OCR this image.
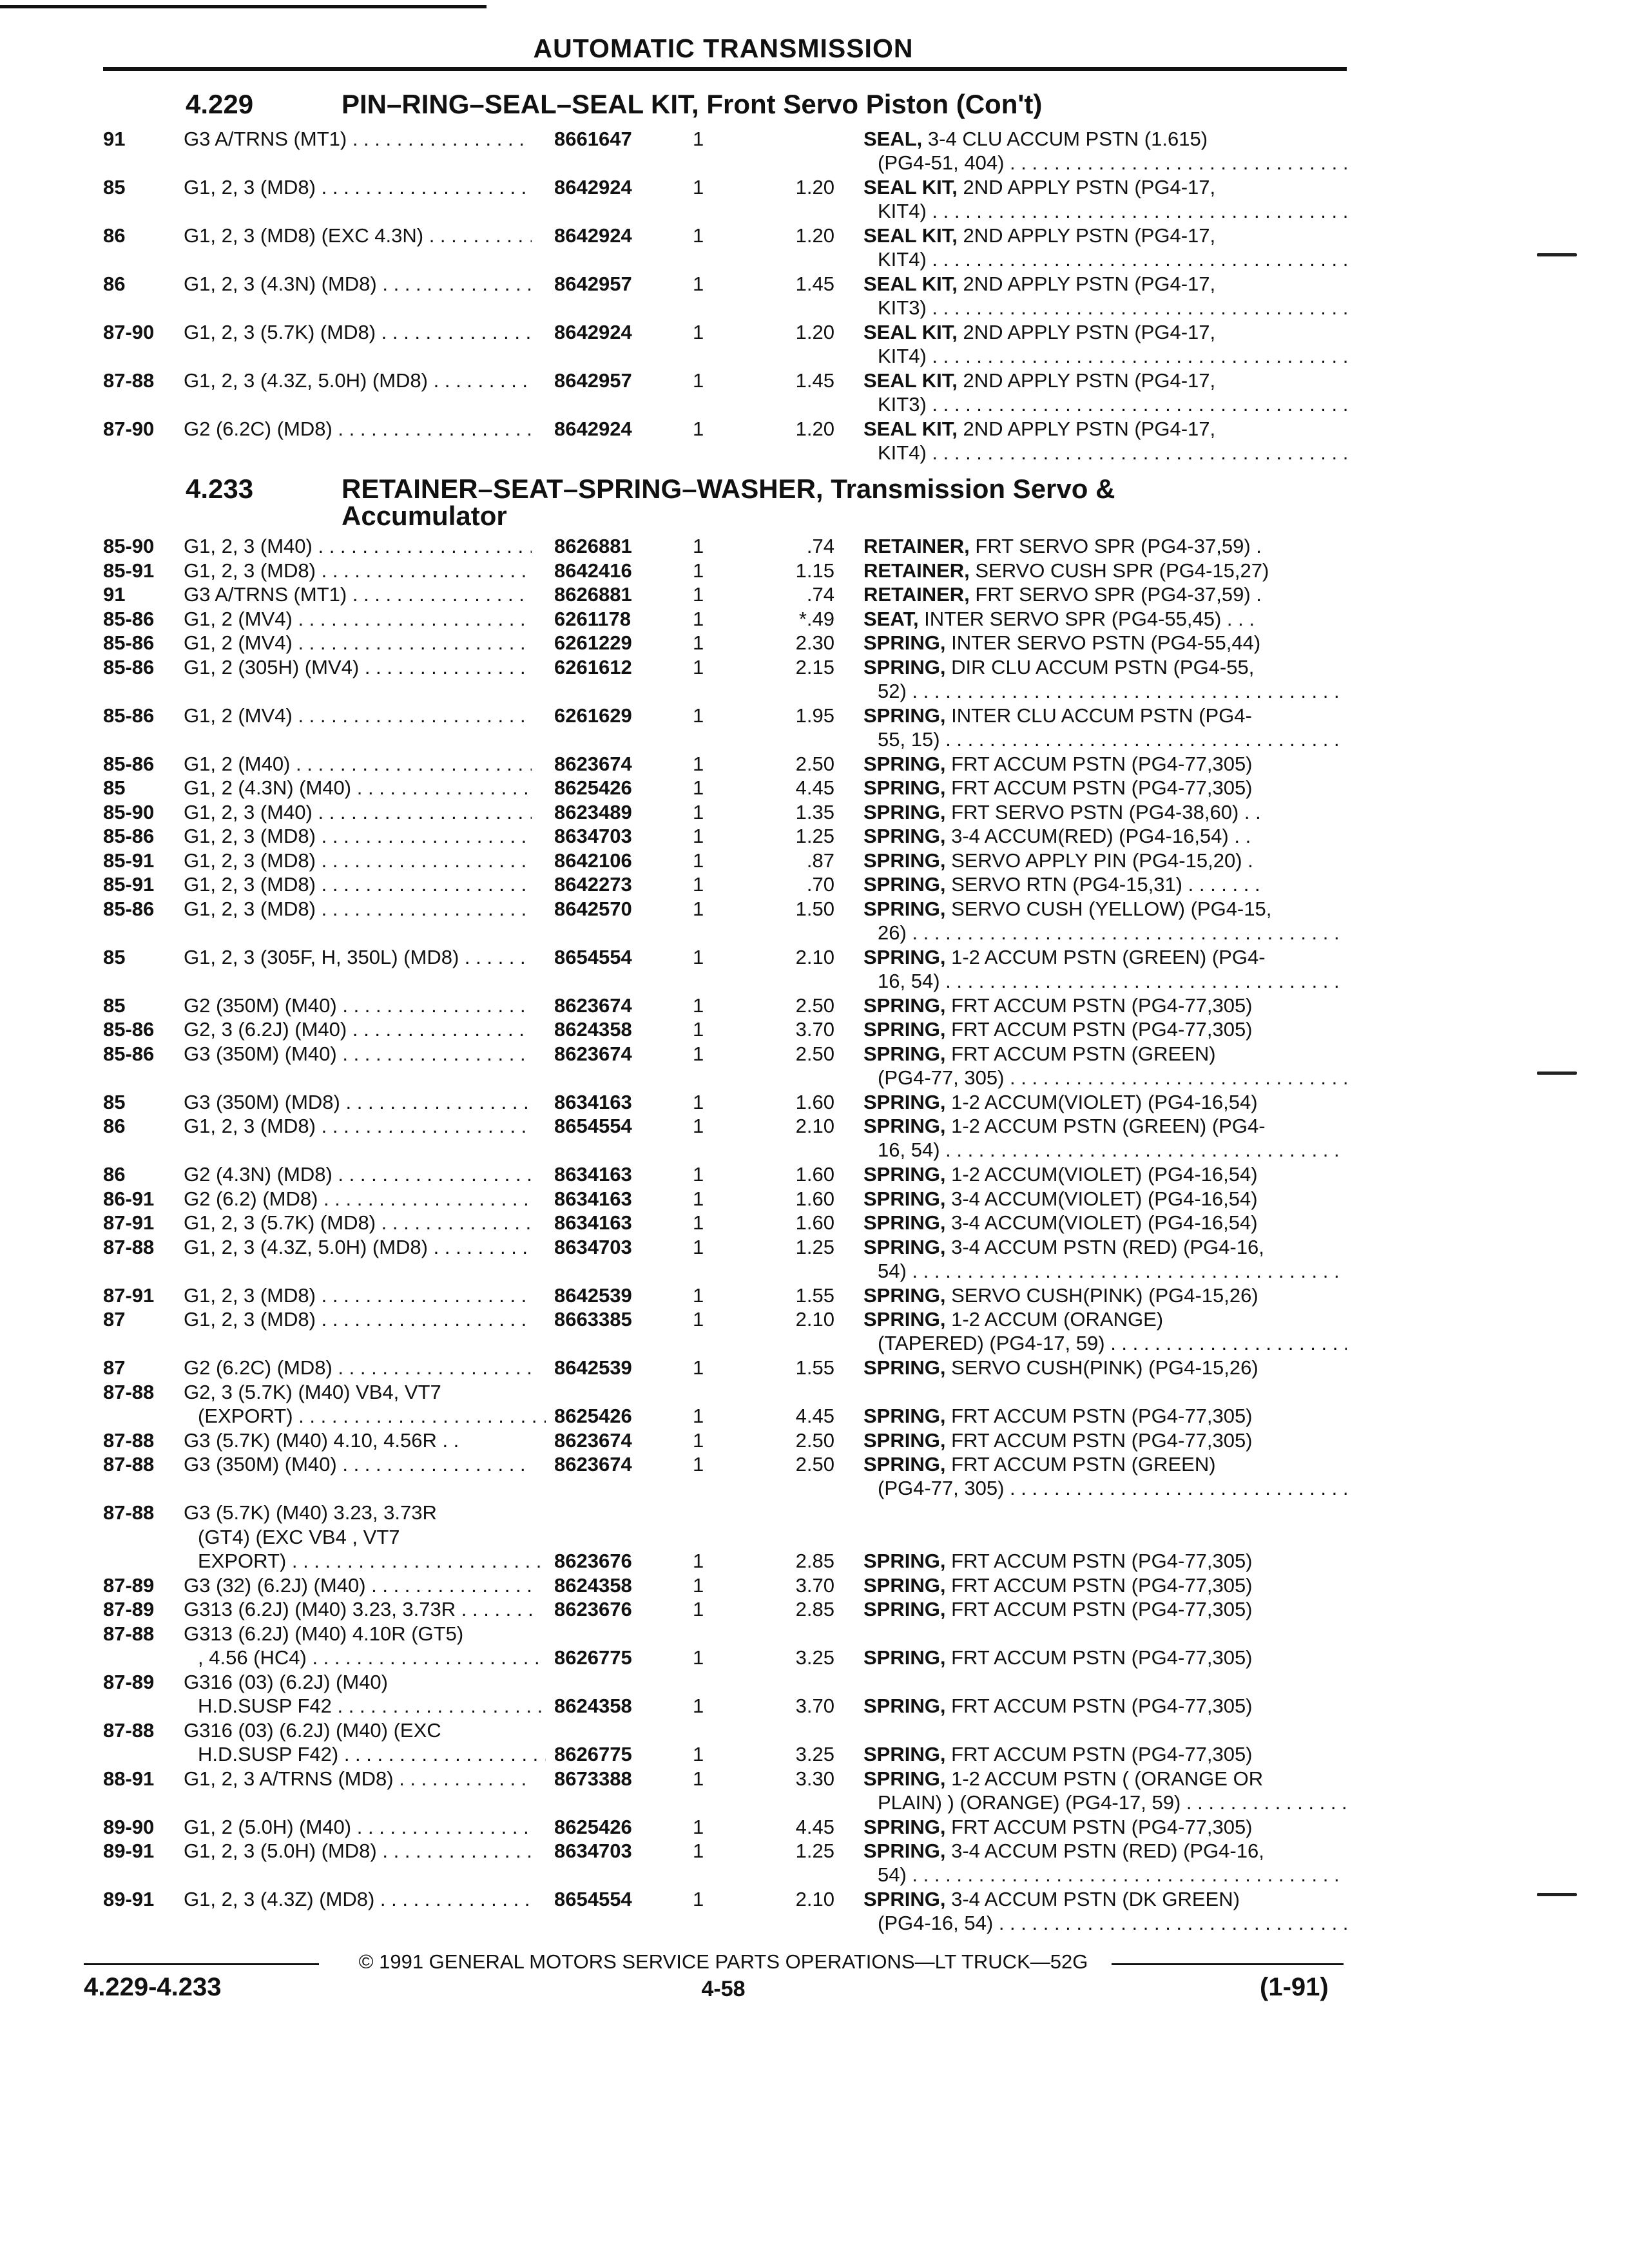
AUTOMATIC TRANSMISSION
4.229	PIN–RING–SEAL–SEAL KIT, Front Servo Piston (Con't)
91	G3 A/TRNS (MT1) . . .	8661647	1	SEAL, 3-4 CLU ACCUM PSTN (1.615)
(PG4-51, 404) . . .
85	G1, 2, 3 (MD8) . . .	8642924	1	1.20 SEAL KIT, 2ND APPLY PSTN (PG4-17,
KIT4) . . .
86	G1, 2, 3 (MD8) (EXC 4.3N) . . .	8642924	1	1.20 SEAL KIT, 2ND APPLY PSTN (PG4-17,
KIT4) . . .
86	G1, 2, 3 (4.3N) (MD8) . . .	8642957	1	1.45 SEAL KIT, 2ND APPLY PSTN (PG4-17,
KIT3) . . .
87-90 G1, 2, 3 (5.7K) (MD8) . . .	8642924	1	1.20 SEAL KIT, 2ND APPLY PSTN (PG4-17,
KIT4) . . .
87-88 G1, 2, 3 (4.3Z, 5.0H) (MD8) . . .	8642957	1	1.45 SEAL KIT, 2ND APPLY PSTN (PG4-17,
KIT3) . . .
87-90 G2 (6.2C) (MD8) . . .	8642924	1	1.20 SEAL KIT, 2ND APPLY PSTN (PG4-17,
KIT4) . . .
4.233	RETAINER–SEAT–SPRING–WASHER, Transmission Servo &
Accumulator
85-90 G1, 2, 3 (M40) . . .	8626881	1	.74 RETAINER, FRT SERVO SPR (PG4-37,59) .
85-91 G1, 2, 3 (MD8) . . .	8642416	1	1.15 RETAINER, SERVO CUSH SPR (PG4-15,27)
91	G3 A/TRNS (MT1) . . .	8626881	1	.74 RETAINER, FRT SERVO SPR (PG4-37,59) .
85-86 G1, 2 (MV4) . . .	6261178	1	*.49 SEAT, INTER SERVO SPR (PG4-55,45) . . .
85-86 G1, 2 (MV4) . . .	6261229	1	2.30 SPRING, INTER SERVO PSTN (PG4-55,44)
85-86 G1, 2 (305H) (MV4) . . .	6261612	1	2.15 SPRING, DIR CLU ACCUM PSTN (PG4-55,
52) . . .
85-86 G1, 2 (MV4) . . .	6261629	1	1.95 SPRING, INTER CLU ACCUM PSTN (PG4-
55, 15) . . .
85-86 G1, 2 (M40) . . .	8623674	1	2.50 SPRING, FRT ACCUM PSTN (PG4-77,305)
85	G1, 2 (4.3N) (M40) . . .	8625426	1	4.45 SPRING, FRT ACCUM PSTN (PG4-77,305)
85-90 G1, 2, 3 (M40) . . .	8623489	1	1.35 SPRING, FRT SERVO PSTN (PG4-38,60) . .
85-86 G1, 2, 3 (MD8) . . .	8634703	1	1.25 SPRING, 3-4 ACCUM(RED) (PG4-16,54) . .
85-91 G1, 2, 3 (MD8) . . .	8642106	1	.87 SPRING, SERVO APPLY PIN (PG4-15,20) .
85-91 G1, 2, 3 (MD8) . . .	8642273	1	.70 SPRING, SERVO RTN (PG4-15,31) . . . . . . .
85-86 G1, 2, 3 (MD8) . . .	8642570	1	1.50 SPRING, SERVO CUSH (YELLOW) (PG4-15,
26) . . .
85	G1, 2, 3 (305F, H, 350L) (MD8) . . .	8654554	1	2.10 SPRING, 1-2 ACCUM PSTN (GREEN) (PG4-
16, 54) . . .
85	G2 (350M) (M40) . . .	8623674	1	2.50 SPRING, FRT ACCUM PSTN (PG4-77,305)
85-86 G2, 3 (6.2J) (M40) . . .	8624358	1	3.70 SPRING, FRT ACCUM PSTN (PG4-77,305)
85-86 G3 (350M) (M40) . . .	8623674	1	2.50 SPRING, FRT ACCUM PSTN (GREEN)
(PG4-77, 305) . . .
85	G3 (350M) (MD8) . . .	8634163	1	1.60 SPRING, 1-2 ACCUM(VIOLET) (PG4-16,54)
86	G1, 2, 3 (MD8) . . .	8654554	1	2.10 SPRING, 1-2 ACCUM PSTN (GREEN) (PG4-
16, 54) . . .
86	G2 (4.3N) (MD8) . . .	8634163	1	1.60 SPRING, 1-2 ACCUM(VIOLET) (PG4-16,54)
86-91 G2 (6.2) (MD8) . . .	8634163	1	1.60 SPRING, 3-4 ACCUM(VIOLET) (PG4-16,54)
87-91 G1, 2, 3 (5.7K) (MD8) . . .	8634163	1	1.60 SPRING, 3-4 ACCUM(VIOLET) (PG4-16,54)
87-88 G1, 2, 3 (4.3Z, 5.0H) (MD8) . . .	8634703	1	1.25 SPRING, 3-4 ACCUM PSTN (RED) (PG4-16,
54) . . .
87-91 G1, 2, 3 (MD8) . . .	8642539	1	1.55 SPRING, SERVO CUSH(PINK) (PG4-15,26)
87	G1, 2, 3 (MD8) . . .	8663385	1	2.10 SPRING, 1-2 ACCUM (ORANGE)
(TAPERED) (PG4-17, 59) . . .
87	G2 (6.2C) (MD8) . . .	8642539	1	1.55 SPRING, SERVO CUSH(PINK) (PG4-15,26)
87-88 G2, 3 (5.7K) (M40) VB4, VT7
(EXPORT) . . .	8625426	1	4.45 SPRING, FRT ACCUM PSTN (PG4-77,305)
87-88 G3 (5.7K) (M40) 4.10, 4.56R . .	8623674	1	2.50 SPRING, FRT ACCUM PSTN (PG4-77,305)
87-88 G3 (350M) (M40) . . .	8623674	1	2.50 SPRING, FRT ACCUM PSTN (GREEN)
(PG4-77, 305) . . .
87-88 G3 (5.7K) (M40) 3.23, 3.73R
(GT4) (EXC VB4 , VT7
EXPORT) . . .	8623676	1	2.85 SPRING, FRT ACCUM PSTN (PG4-77,305)
87-89 G3 (32) (6.2J) (M40) . . .	8624358	1	3.70 SPRING, FRT ACCUM PSTN (PG4-77,305)
87-89 G313 (6.2J) (M40) 3.23, 3.73R . . .	8623676	1	2.85 SPRING, FRT ACCUM PSTN (PG4-77,305)
87-88 G313 (6.2J) (M40) 4.10R (GT5)
, 4.56 (HC4) . . .	8626775	1	3.25 SPRING, FRT ACCUM PSTN (PG4-77,305)
87-89 G316 (03) (6.2J) (M40)
H.D.SUSP F42 . . .	8624358	1	3.70 SPRING, FRT ACCUM PSTN (PG4-77,305)
87-88 G316 (03) (6.2J) (M40) (EXC
H.D.SUSP F42) . . .	8626775	1	3.25 SPRING, FRT ACCUM PSTN (PG4-77,305)
88-91 G1, 2, 3 A/TRNS (MD8) . . .	8673388	1	3.30 SPRING, 1-2 ACCUM PSTN ( (ORANGE OR
PLAIN) ) (ORANGE) (PG4-17, 59) . . .
89-90 G1, 2 (5.0H) (M40) . . .	8625426	1	4.45 SPRING, FRT ACCUM PSTN (PG4-77,305)
89-91 G1, 2, 3 (5.0H) (MD8) . . .	8634703	1	1.25 SPRING, 3-4 ACCUM PSTN (RED) (PG4-16,
54) . . .
89-91 G1, 2, 3 (4.3Z) (MD8) . . .	8654554	1	2.10 SPRING, 3-4 ACCUM PSTN (DK GREEN)
(PG4-16, 54) . . .
© 1991 GENERAL MOTORS SERVICE PARTS OPERATIONS—LT TRUCK—52G
4.229-4.233	4-58	(1-91)
